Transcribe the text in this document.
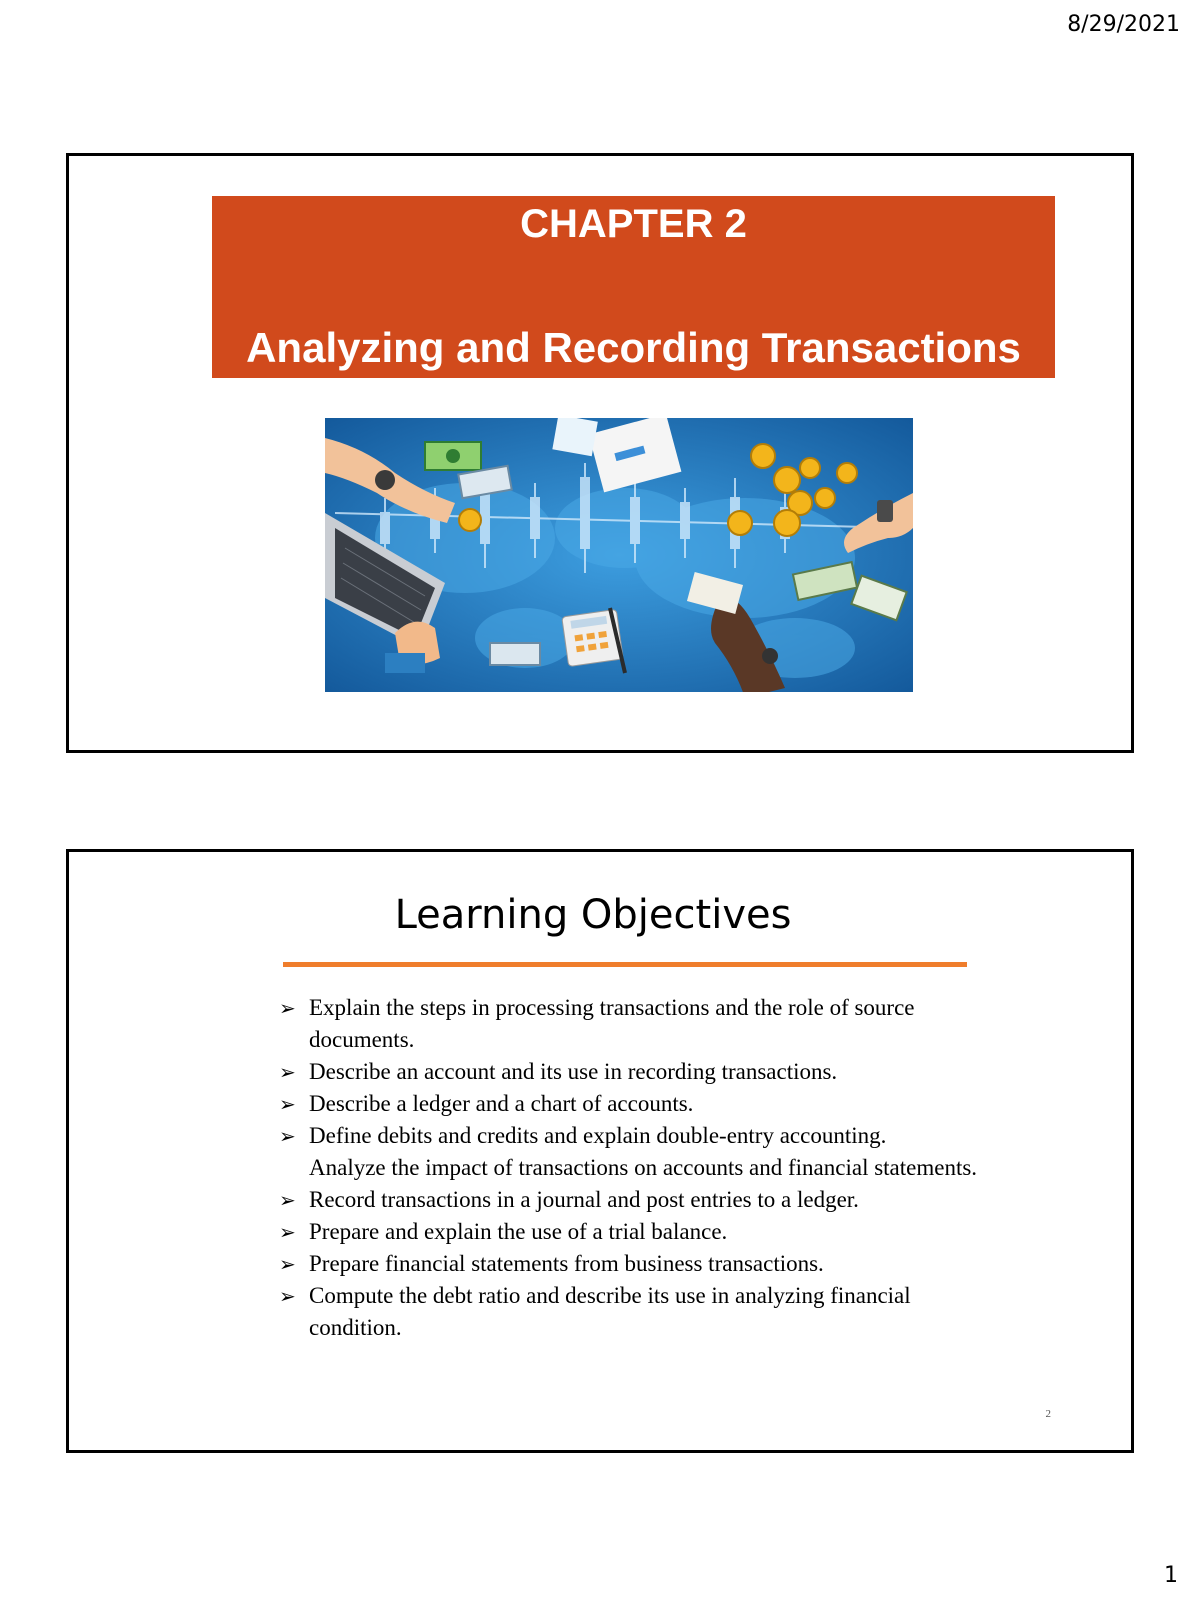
8/29/2021
CHAPTER 2
Analyzing and Recording Transactions
Learning Objectives
➢ Explain the steps in processing transactions and the role of source documents.
➢ Describe an account and its use in recording transactions.
➢ Describe a ledger and a chart of accounts.
➢ Define debits and credits and explain double-entry accounting.
Analyze the impact of transactions on accounts and financial statements.
➢ Record transactions in a journal and post entries to a ledger.
➢ Prepare and explain the use of a trial balance.
➢ Prepare financial statements from business transactions.
➢ Compute the debt ratio and describe its use in analyzing financial condition.
2
1
